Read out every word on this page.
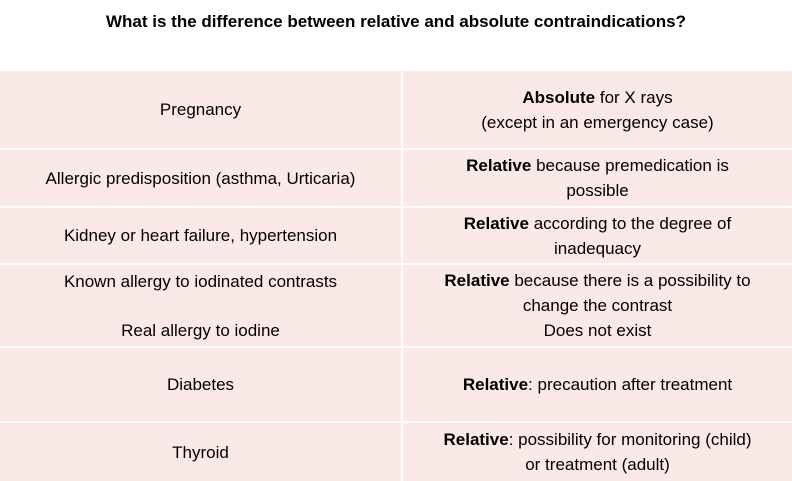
What is the difference between relative and absolute contraindications?
Pregnancy
Absolute for X rays
(except in an emergency case)
Allergic predisposition (asthma, Urticaria)
Relative because premedication is
possible
Kidney or heart failure, hypertension
Relative according to the degree of
inadequacy
Known allergy to iodinated contrasts
Real allergy to iodine
Relative because there is a possibility to
change the contrast
Does not exist
Diabetes	Relative: precaution after treatment
Thyroid
Relative: possibility for monitoring (child)
or treatment (adult)
